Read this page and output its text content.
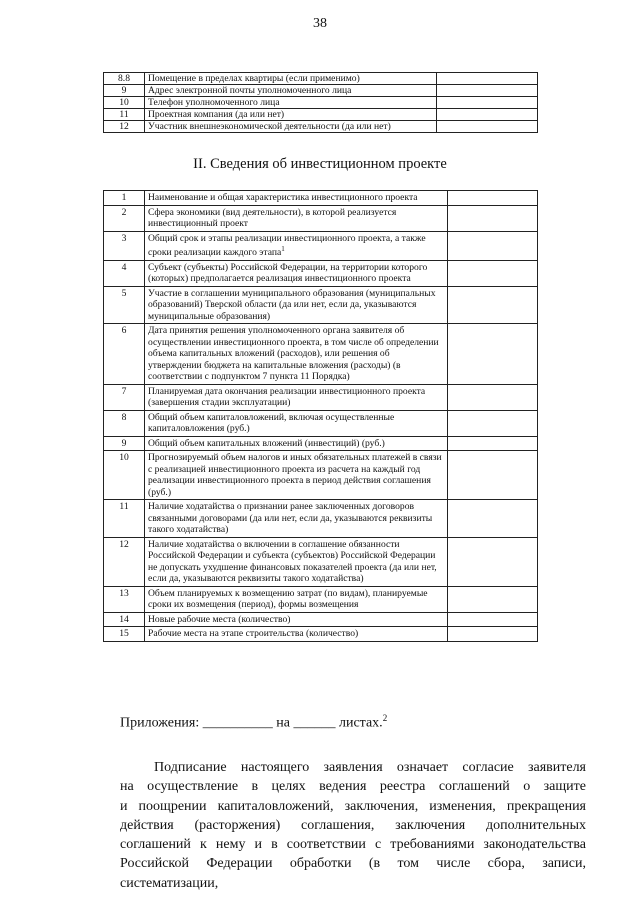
38
8.8	Помещение в пределах квартиры (если применимо)	
9	Адрес электронной почты уполномоченного лица	
10	Телефон уполномоченного лица	
11	Проектная компания (да или нет)	
12	Участник внешнеэкономической деятельности (да или нет)	
II. Сведения об инвестиционном проекте
1	Наименование и общая характеристика инвестиционного проекта	
2	Сфера экономики (вид деятельности), в которой реализуется инвестиционный проект	
3	Общий срок и этапы реализации инвестиционного проекта, а также сроки реализации каждого этапа$^1$	
4	Субъект (субъекты) Российской Федерации, на территории которого (которых) предполагается реализация инвестиционного проекта	
5	Участие в соглашении муниципального образования (муниципальных образований) Тверской области (да или нет, если да, указываются муниципальные образования)	
6	Дата принятия решения уполномоченного органа заявителя об осуществлении инвестиционного проекта, в том числе об определении объема капитальных вложений (расходов), или решения об утверждении бюджета на капитальные вложения (расходы) (в соответствии с подпунктом 7 пункта 11 Порядка)	
7	Планируемая дата окончания реализации инвестиционного проекта (завершения стадии эксплуатации)	
8	Общий объем капиталовложений, включая осуществленные капиталовложения (руб.)	
9	Общий объем капитальных вложений (инвестиций) (руб.)	
10	Прогнозируемый объем налогов и иных обязательных платежей в связи с реализацией инвестиционного проекта из расчета на каждый год реализации инвестиционного проекта в период действия соглашения (руб.)	
11	Наличие ходатайства о признании ранее заключенных договоров связанными договорами (да или нет, если да, указываются реквизиты такого ходатайства)	
12	Наличие ходатайства о включении в соглашение обязанности Российской Федерации и субъекта (субъектов) Российской Федерации не допускать ухудшение финансовых показателей проекта (да или нет, если да, указываются реквизиты такого ходатайства)	
13	Объем планируемых к возмещению затрат (по видам), планируемые сроки их возмещения (период), формы возмещения	
14	Новые рабочие места (количество)	
15	Рабочие места на этапе строительства (количество)	
Приложения: __________ на ______ листах.$^2$
Подписание настоящего заявления означает согласие заявителя
на осуществление в целях ведения реестра соглашений о защите
и поощрении капиталовложений, заключения, изменения, прекращения
действия (расторжения) соглашения, заключения дополнительных
соглашений к нему и в соответствии с требованиями законодательства
Российской Федерации обработки (в том числе сбора, записи, систематизации,
